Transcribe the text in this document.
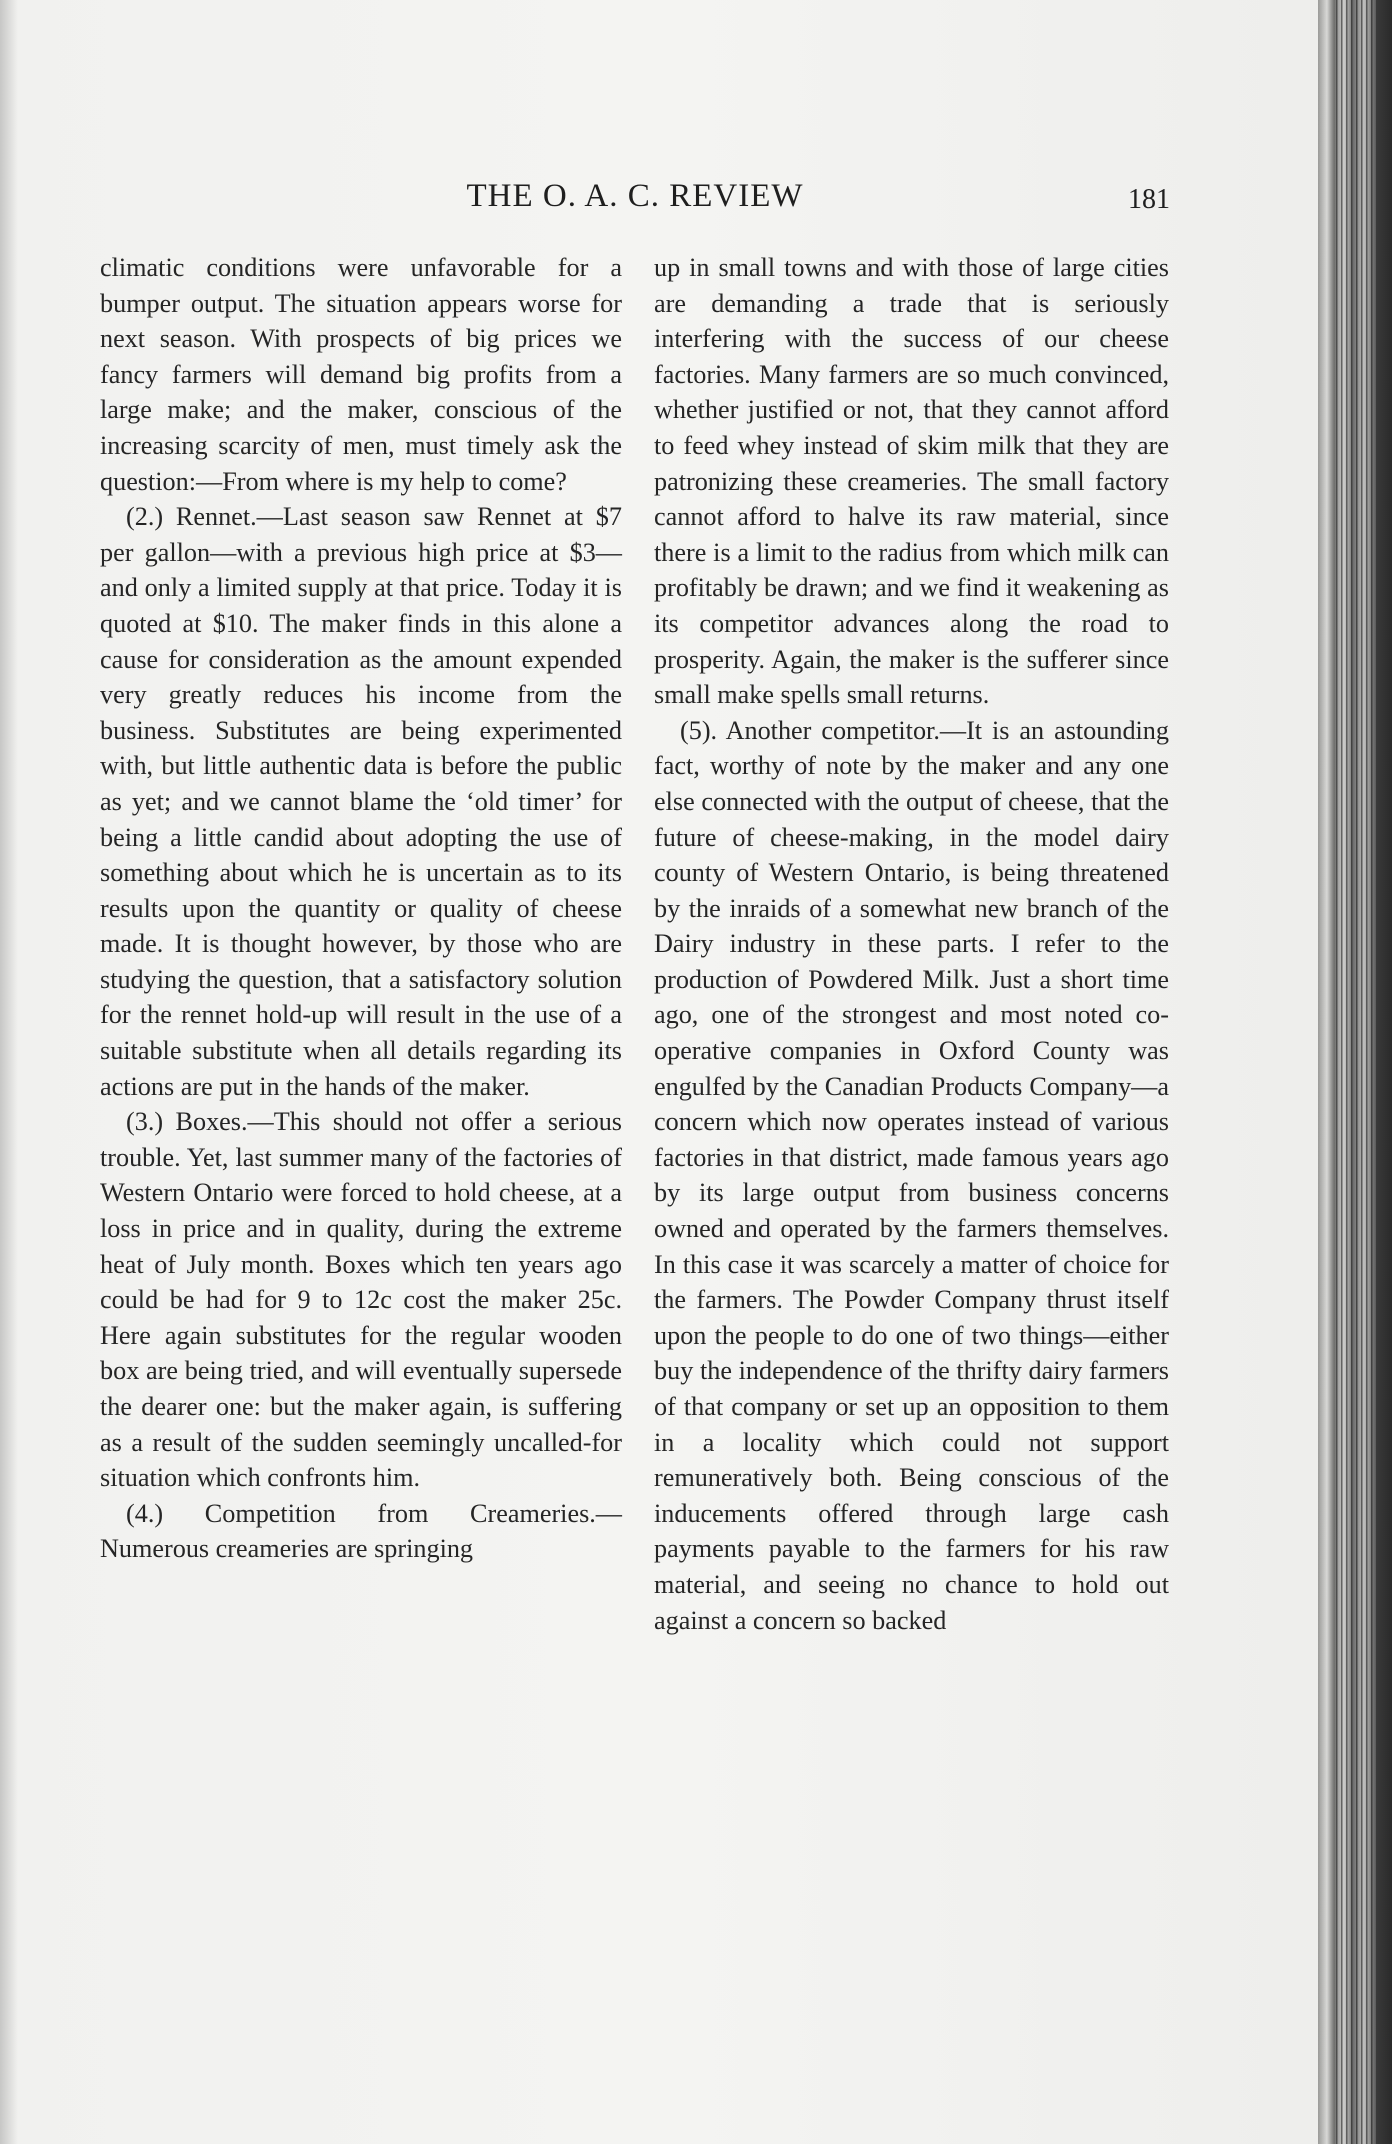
THE O. A. C. REVIEW	181

climatic conditions were unfavorable for a bumper output. The situation appears worse for next season. With prospects of big prices we fancy farmers will demand big profits from a large make; and the maker, conscious of the increasing scarcity of men, must timely ask the question:—From where is my help to come?

(2.) Rennet.—Last season saw Rennet at $7 per gallon—with a previous high price at $3— and only a limited supply at that price. Today it is quoted at $10. The maker finds in this alone a cause for consideration as the amount expended very greatly reduces his income from the business. Substitutes are being experimented with, but little authentic data is before the public as yet; and we cannot blame the ‘old timer’ for being a little candid about adopting the use of something about which he is uncertain as to its results upon the quantity or quality of cheese made. It is thought however, by those who are studying the question, that a satisfactory solution for the rennet hold-up will result in the use of a suitable substitute when all details regarding its actions are put in the hands of the maker.

(3.) Boxes.—This should not offer a serious trouble. Yet, last summer many of the factories of Western Ontario were forced to hold cheese, at a loss in price and in quality, during the extreme heat of July month. Boxes which ten years ago could be had for 9 to 12c cost the maker 25c. Here again substitutes for the regular wooden box are being tried, and will eventually supersede the dearer one: but the maker again, is suffering as a result of the sudden seemingly uncalled-for situation which confronts him.

(4.) Competition from Creameries.— Numerous creameries are springing

up in small towns and with those of large cities are demanding a trade that is seriously interfering with the success of our cheese factories. Many farmers are so much convinced, whether justified or not, that they cannot afford to feed whey instead of skim milk that they are patronizing these creameries. The small factory cannot afford to halve its raw material, since there is a limit to the radius from which milk can profitably be drawn; and we find it weakening as its competitor advances along the road to prosperity. Again, the maker is the sufferer since small make spells small returns.

(5). Another competitor.—It is an astounding fact, worthy of note by the maker and any one else connected with the output of cheese, that the future of cheese-making, in the model dairy county of Western Ontario, is being threatened by the inraids of a somewhat new branch of the Dairy industry in these parts. I refer to the production of Powdered Milk. Just a short time ago, one of the strongest and most noted co-operative companies in Oxford County was engulfed by the Canadian Products Company—a concern which now operates instead of various factories in that district, made famous years ago by its large output from business concerns owned and operated by the farmers themselves. In this case it was scarcely a matter of choice for the farmers. The Powder Company thrust itself upon the people to do one of two things—either buy the independence of the thrifty dairy farmers of that company or set up an opposition to them in a locality which could not support remuneratively both. Being conscious of the inducements offered through large cash payments payable to the farmers for his raw material, and seeing no chance to hold out against a concern so backed
